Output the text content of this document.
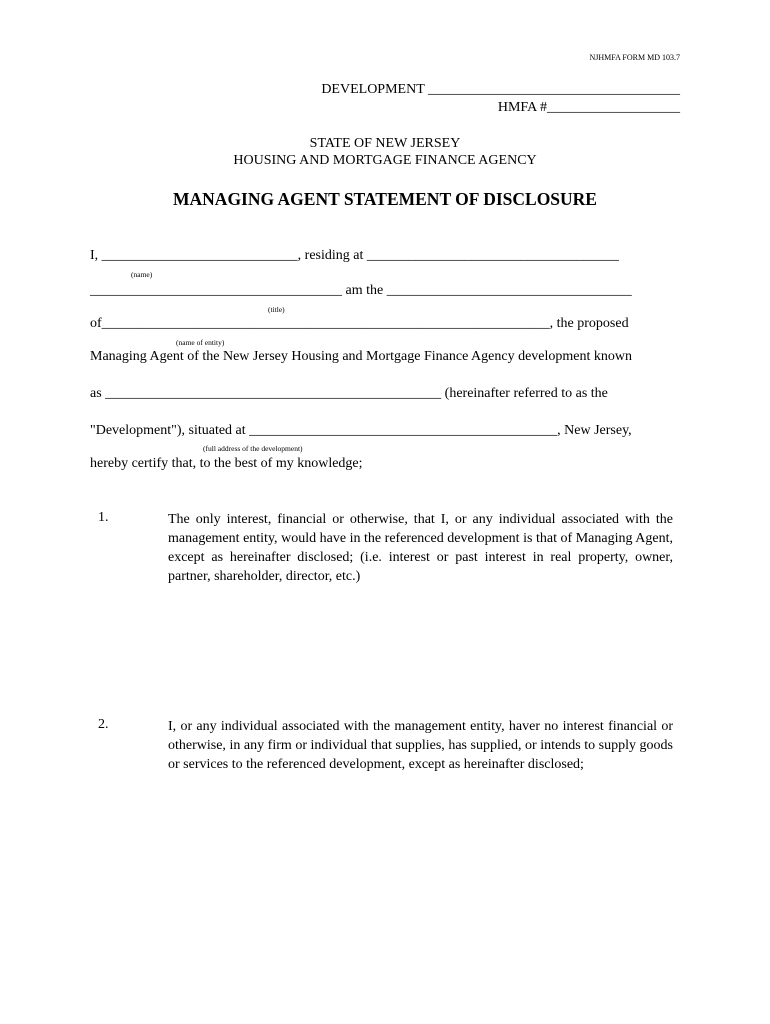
NJHMFA FORM MD 103.7
DEVELOPMENT ____________________________________
HMFA #___________________
STATE OF NEW JERSEY
HOUSING AND MORTGAGE FINANCE AGENCY
MANAGING AGENT STATEMENT OF DISCLOSURE
I, ____________________________, residing at ____________________________________
(name)
____________________________________ am the ___________________________________
(title)
of________________________________________________________________, the proposed
(name of entity)
Managing Agent of the New Jersey Housing and Mortgage Finance Agency development known
as ________________________________________________ (hereinafter referred to as the
"Development"), situated at ____________________________________________, New Jersey,
(full address of the development)
hereby certify that, to the best of my knowledge;
1.	The only interest, financial or otherwise, that I, or any individual associated with the management entity, would have in the referenced development is that of Managing Agent, except as hereinafter disclosed; (i.e. interest or past interest in real property, owner, partner, shareholder, director, etc.)
2.	I, or any individual associated with the management entity, haver no interest financial or otherwise, in any firm or individual that supplies, has supplied, or intends to supply goods or services to the referenced development, except as hereinafter disclosed;
